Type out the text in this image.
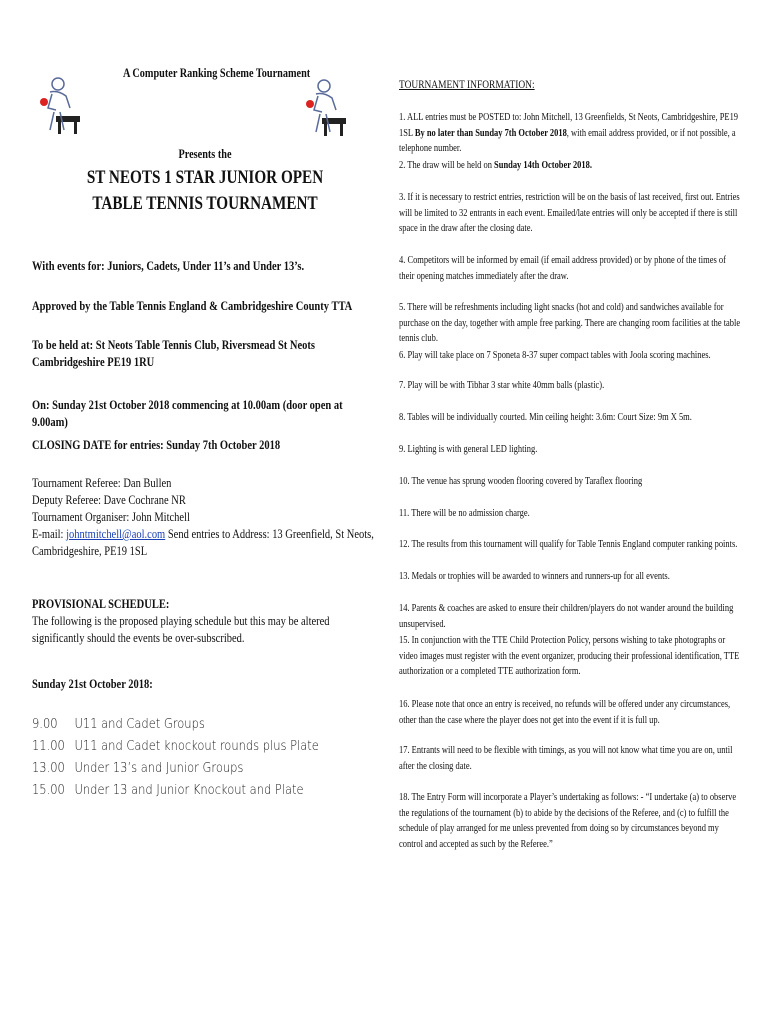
A Computer Ranking Scheme Tournament
Presents the
ST NEOTS 1 STAR JUNIOR OPEN
TABLE TENNIS TOURNAMENT
With events for: Juniors, Cadets, Under 11’s and Under 13’s.
Approved by the Table Tennis England & Cambridgeshire County TTA
To be held at: St Neots Table Tennis Club, Riversmead St Neots Cambridgeshire PE19 1RU
On: Sunday 21st October 2018 commencing at 10.00am (door open at 9.00am)
CLOSING DATE for entries: Sunday 7th October 2018
Tournament Referee: Dan Bullen
Deputy Referee: Dave Cochrane NR
Tournament Organiser: John Mitchell
E-mail: johntmitchell@aol.com Send entries to Address: 13 Greenfield, St Neots, Cambridgeshire, PE19 1SL
PROVISIONAL SCHEDULE:
The following is the proposed playing schedule but this may be altered significantly should the events be over-subscribed.
Sunday 21st October 2018:
9.00	U11 and Cadet Groups
11.00 U11 and Cadet knockout rounds plus Plate
13.00 Under 13’s and Junior Groups
15.00 Under 13 and Junior Knockout and Plate
TOURNAMENT INFORMATION:
1. ALL entries must be POSTED to: John Mitchell, 13 Greenfields, St Neots, Cambridgeshire, PE19 1SL By no later than Sunday 7th October 2018, with email address provided, or if not possible, a telephone number.
2. The draw will be held on Sunday 14th October 2018.
3. If it is necessary to restrict entries, restriction will be on the basis of last received, first out. Entries will be limited to 32 entrants in each event. Emailed/late entries will only be accepted if there is still space in the draw after the closing date.
4. Competitors will be informed by email (if email address provided) or by phone of the times of their opening matches immediately after the draw.
5. There will be refreshments including light snacks (hot and cold) and sandwiches available for purchase on the day, together with ample free parking. There are changing room facilities at the table tennis club.
6. Play will take place on 7 Sponeta 8-37 super compact tables with Joola scoring machines.
7. Play will be with Tibhar 3 star white 40mm balls (plastic).
8. Tables will be individually courted. Min ceiling height: 3.6m: Court Size: 9m X 5m.
9. Lighting is with general LED lighting.
10. The venue has sprung wooden flooring covered by Taraflex flooring
11. There will be no admission charge.
12. The results from this tournament will qualify for Table Tennis England computer ranking points.
13. Medals or trophies will be awarded to winners and runners-up for all events.
14. Parents & coaches are asked to ensure their children/players do not wander around the building unsupervised.
15. In conjunction with the TTE Child Protection Policy, persons wishing to take photographs or video images must register with the event organizer, producing their professional identification, TTE authorization or a completed TTE authorization form.
16. Please note that once an entry is received, no refunds will be offered under any circumstances, other than the case where the player does not get into the event if it is full up.
17. Entrants will need to be flexible with timings, as you will not know what time you are on, until after the closing date.
18. The Entry Form will incorporate a Player’s undertaking as follows: - “I undertake (a) to observe the regulations of the tournament (b) to abide by the decisions of the Referee, and (c) to fulfill the schedule of play arranged for me unless prevented from doing so by circumstances beyond my control and accepted as such by the Referee.”
